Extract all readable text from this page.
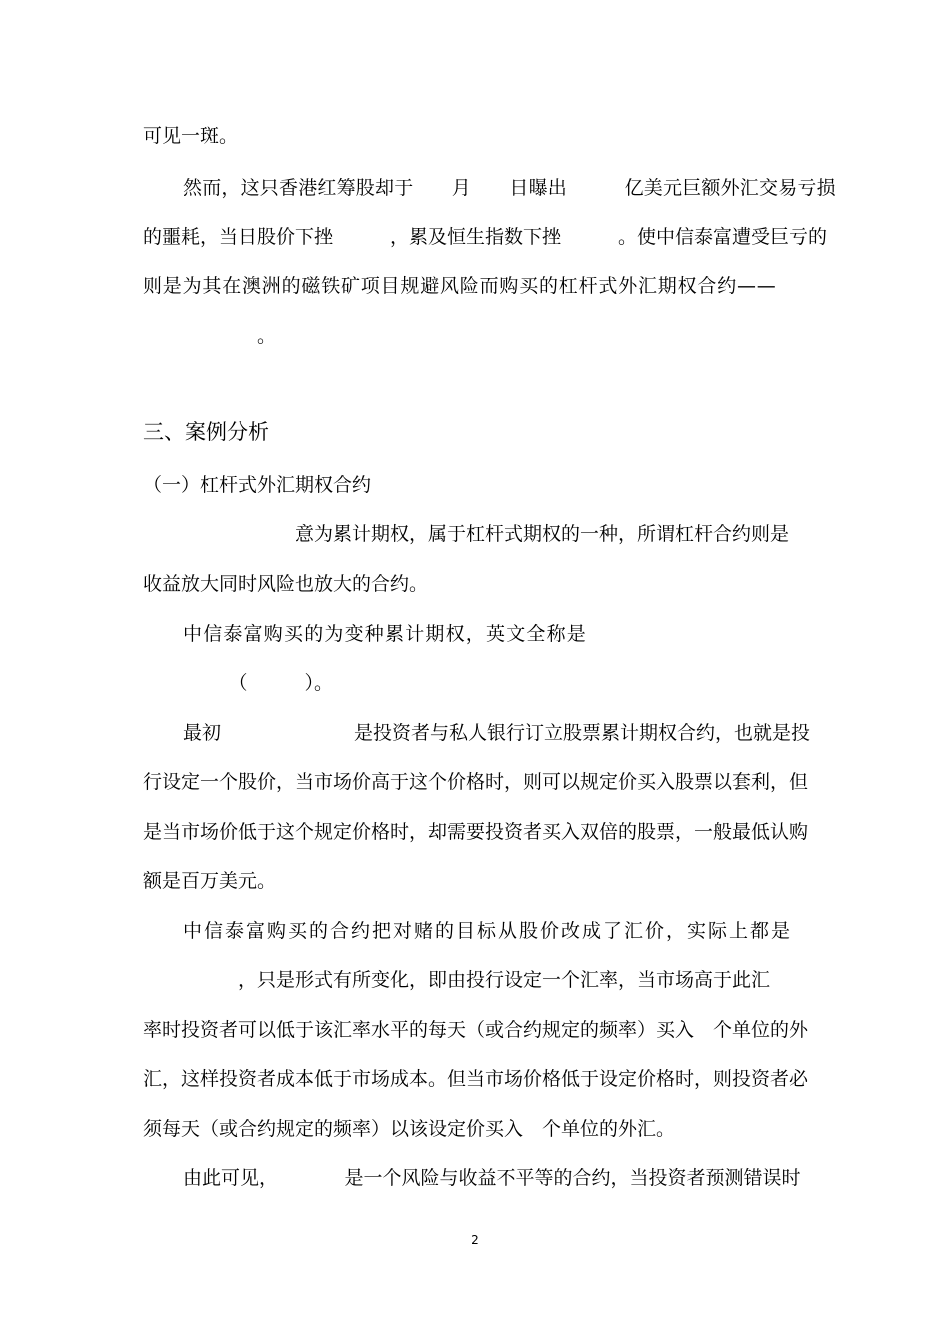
可见一斑。

然而，这只香港红筹股却于　　月　　日曝出　　　亿美元巨额外汇交易亏损

的噩耗，当日股价下挫　　　，累及恒生指数下挫　　　。使中信泰富遭受巨亏的

则是为其在澳洲的磁铁矿项目规避风险而购买的杠杆式外汇期权合约——

　　　　　　。

三、案例分析

（一）杠杆式外汇期权合约

　　　　　　　　意为累计期权，属于杠杆式期权的一种，所谓杠杆合约则是

收益放大同时风险也放大的合约。

中信泰富购买的为变种累计期权，英文全称是

　　　　　（　　　）。

最初　　　　　　　是投资者与私人银行订立股票累计期权合约，也就是投

行设定一个股价，当市场价高于这个价格时，则可以规定价买入股票以套利，但

是当市场价低于这个规定价格时，却需要投资者买入双倍的股票，一般最低认购

额是百万美元。

中信泰富购买的合约把对赌的目标从股价改成了汇价，实际上都是

　　　　　，只是形式有所变化，即由投行设定一个汇率，当市场高于此汇

率时投资者可以低于该汇率水平的每天（或合约规定的频率）买入　个单位的外

汇，这样投资者成本低于市场成本。但当市场价格低于设定价格时，则投资者必

须每天（或合约规定的频率）以该设定价买入　个单位的外汇。

由此可见，　　　　是一个风险与收益不平等的合约，当投资者预测错误时

2
